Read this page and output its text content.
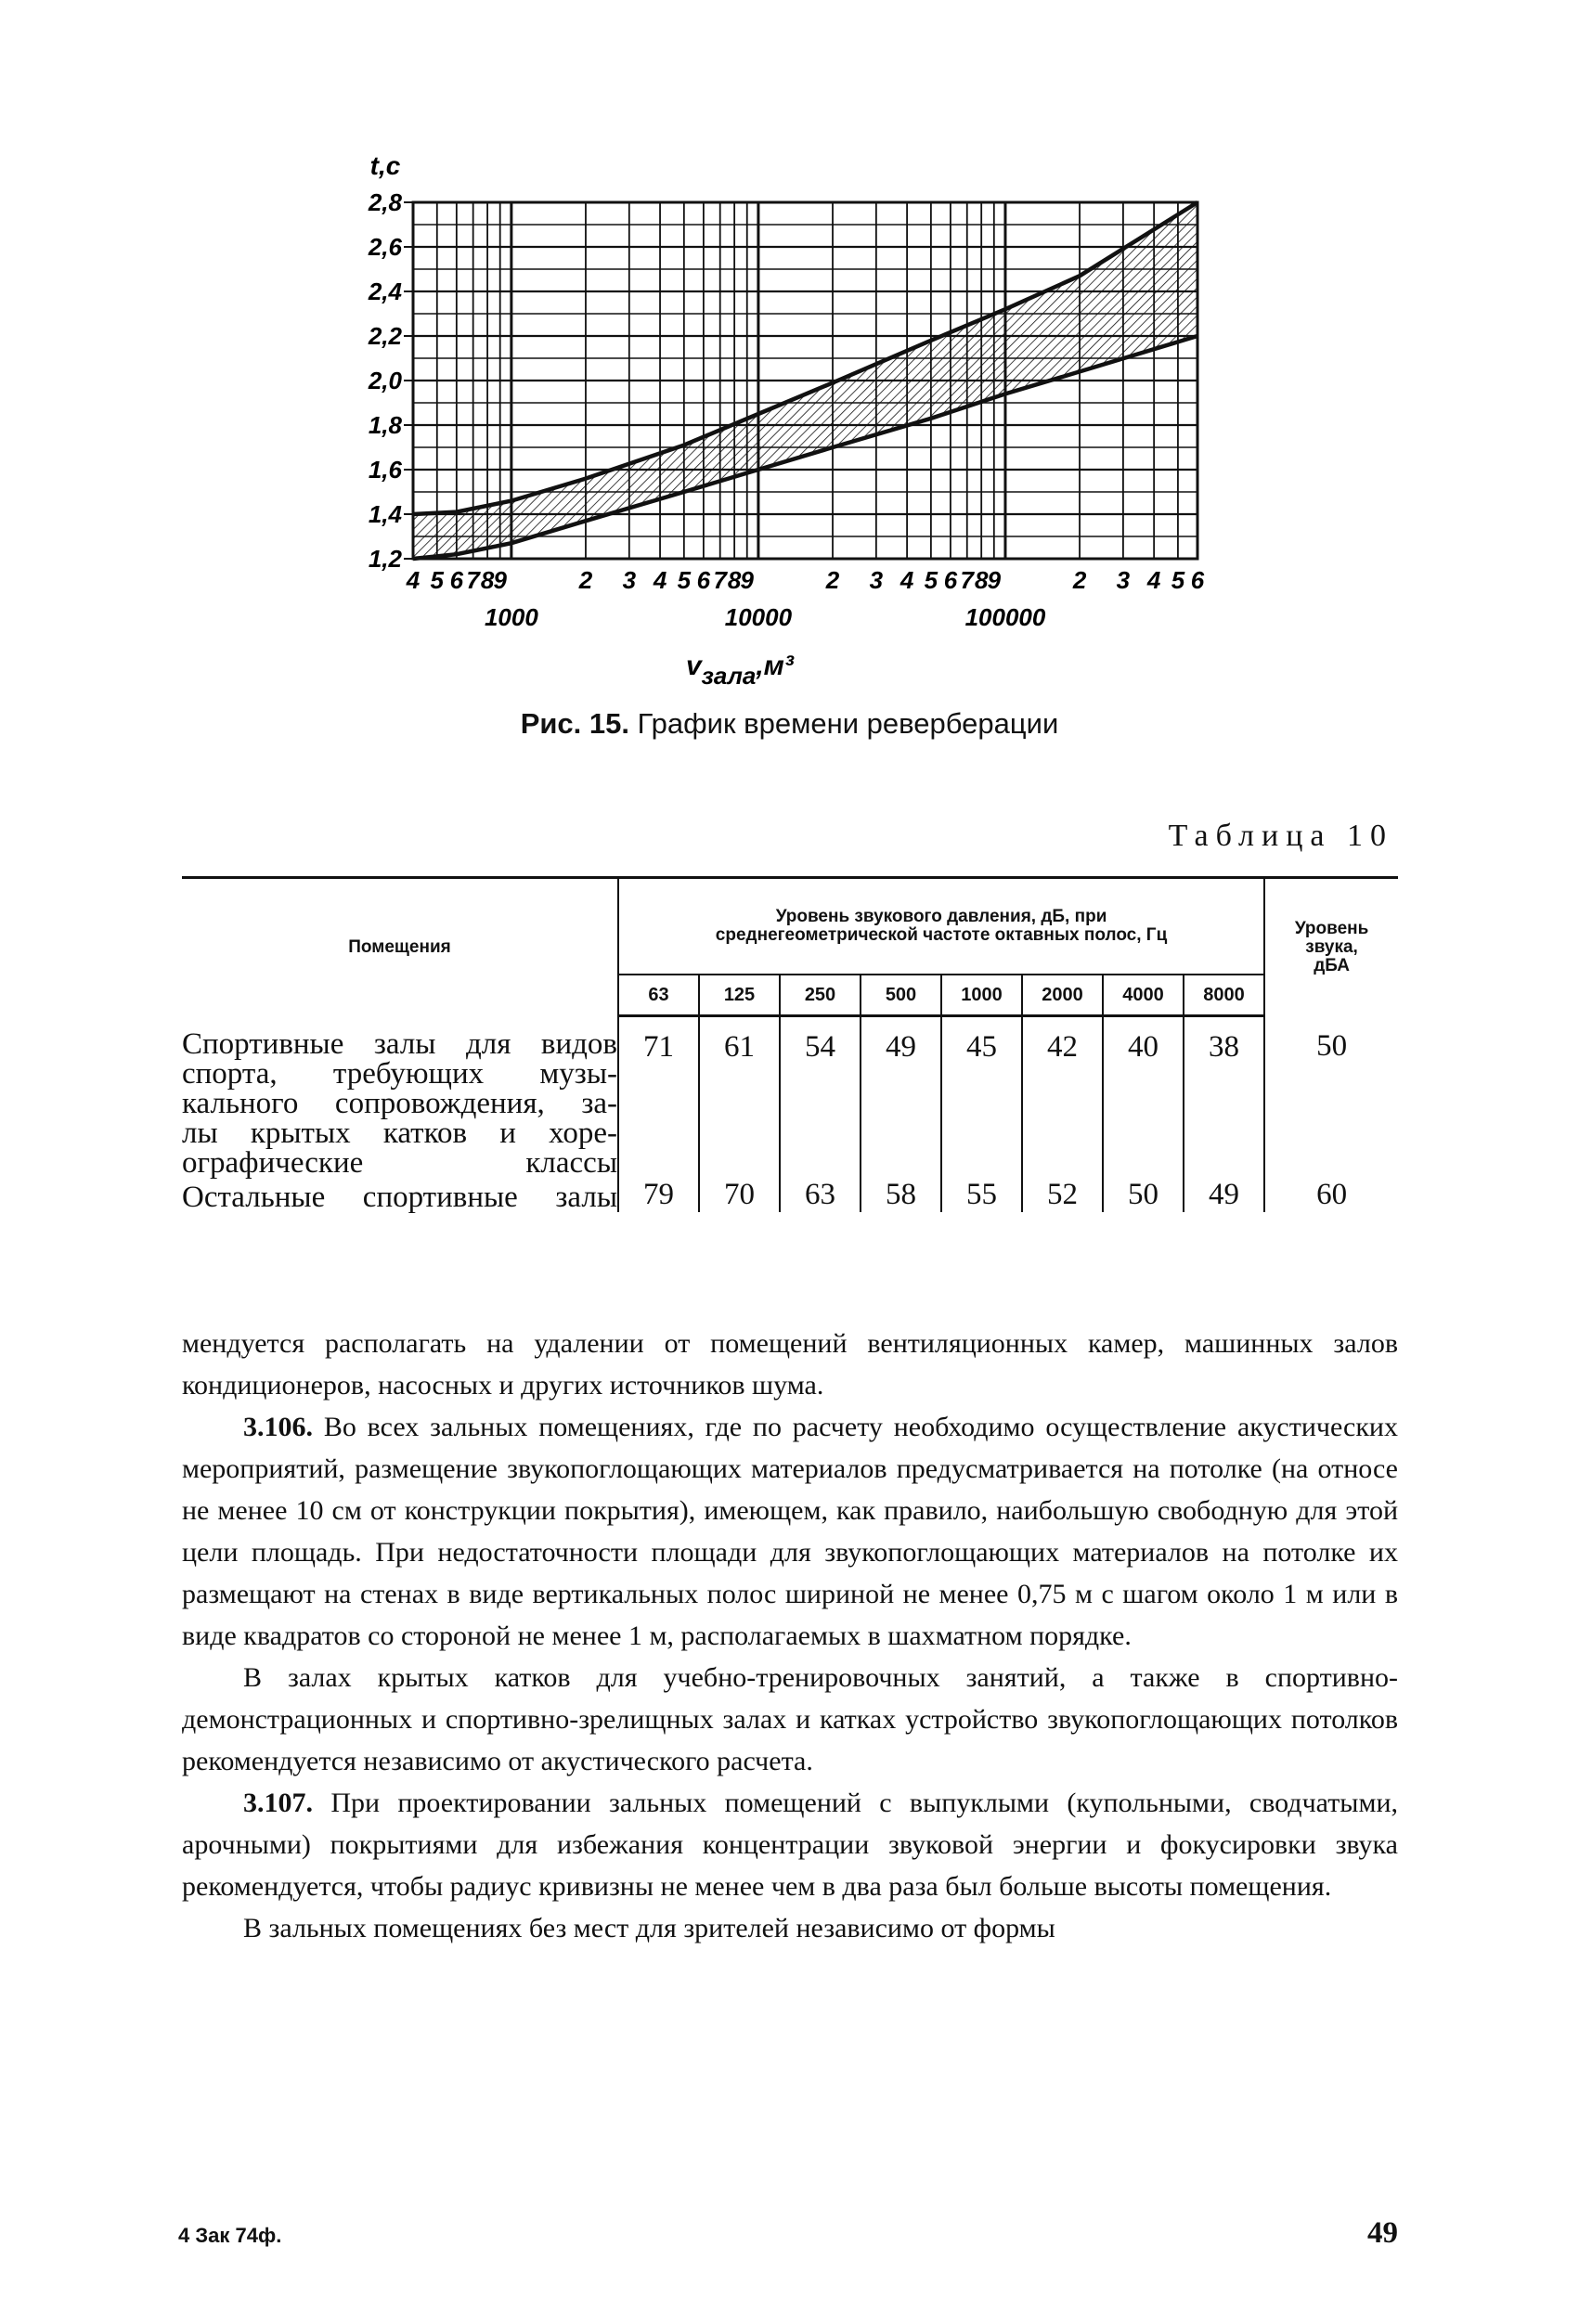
1,2
1,4
1,6
1,8
2,0
2,2
2,4
2,6
2,8
t,c
4 5 6 7 8 9	2 3 4 5 6 7 8 9	2 3 4 5 6 7 8 9	2 3 4 5 6
1000	10000	100000
vзала,м³
Рис. 15. График времени реверберации
Таблица 10
Помещения	Уровень звукового давления, дБ, при среднегеометрической частоте октавных полос, Гц								Уровень
звука,
дБА

	63	125	250	500	1000	2000	4000	8000	

Спортивные залы для видов
спорта, требующих музы-
кального сопровождения, за-
лы крытых катков и хоре-
ографические классы	71	61	54	49	45	42	40	38	50

Остальные спортивные залы	79	70	63	58	55	52	50	49	60

мендуется располагать на удалении от помещений вентиляционных камер, машинных залов кондиционеров, насосных и других источников шума.

3.106. Во всех зальных помещениях, где по расчету необходимо осуществление акустических мероприятий, размещение звукопоглощающих материалов предусматривается на потолке (на относе не менее 10 см от конструкции покрытия), имеющем, как правило, наибольшую свободную для этой цели площадь. При недостаточности площади для звукопоглощающих материалов на потолке их размещают на стенах в виде вертикальных полос шириной не менее 0,75 м с шагом около 1 м или в виде квадратов со стороной не менее 1 м, располагаемых в шахматном порядке.

В залах крытых катков для учебно-тренировочных занятий, а также в спортивно-демонстрационных и спортивно-зрелищных залах и катках устройство звукопоглощающих потолков рекомендуется независимо от акустического расчета.

3.107. При проектировании зальных помещений с выпуклыми (купольными, сводчатыми, арочными) покрытиями для избежания концентрации звуковой энергии и фокусировки звука рекомендуется, чтобы радиус кривизны не менее чем в два раза был больше высоты помещения.

В зальных помещениях без мест для зрителей независимо от формы

4 Зак 74ф.	49
